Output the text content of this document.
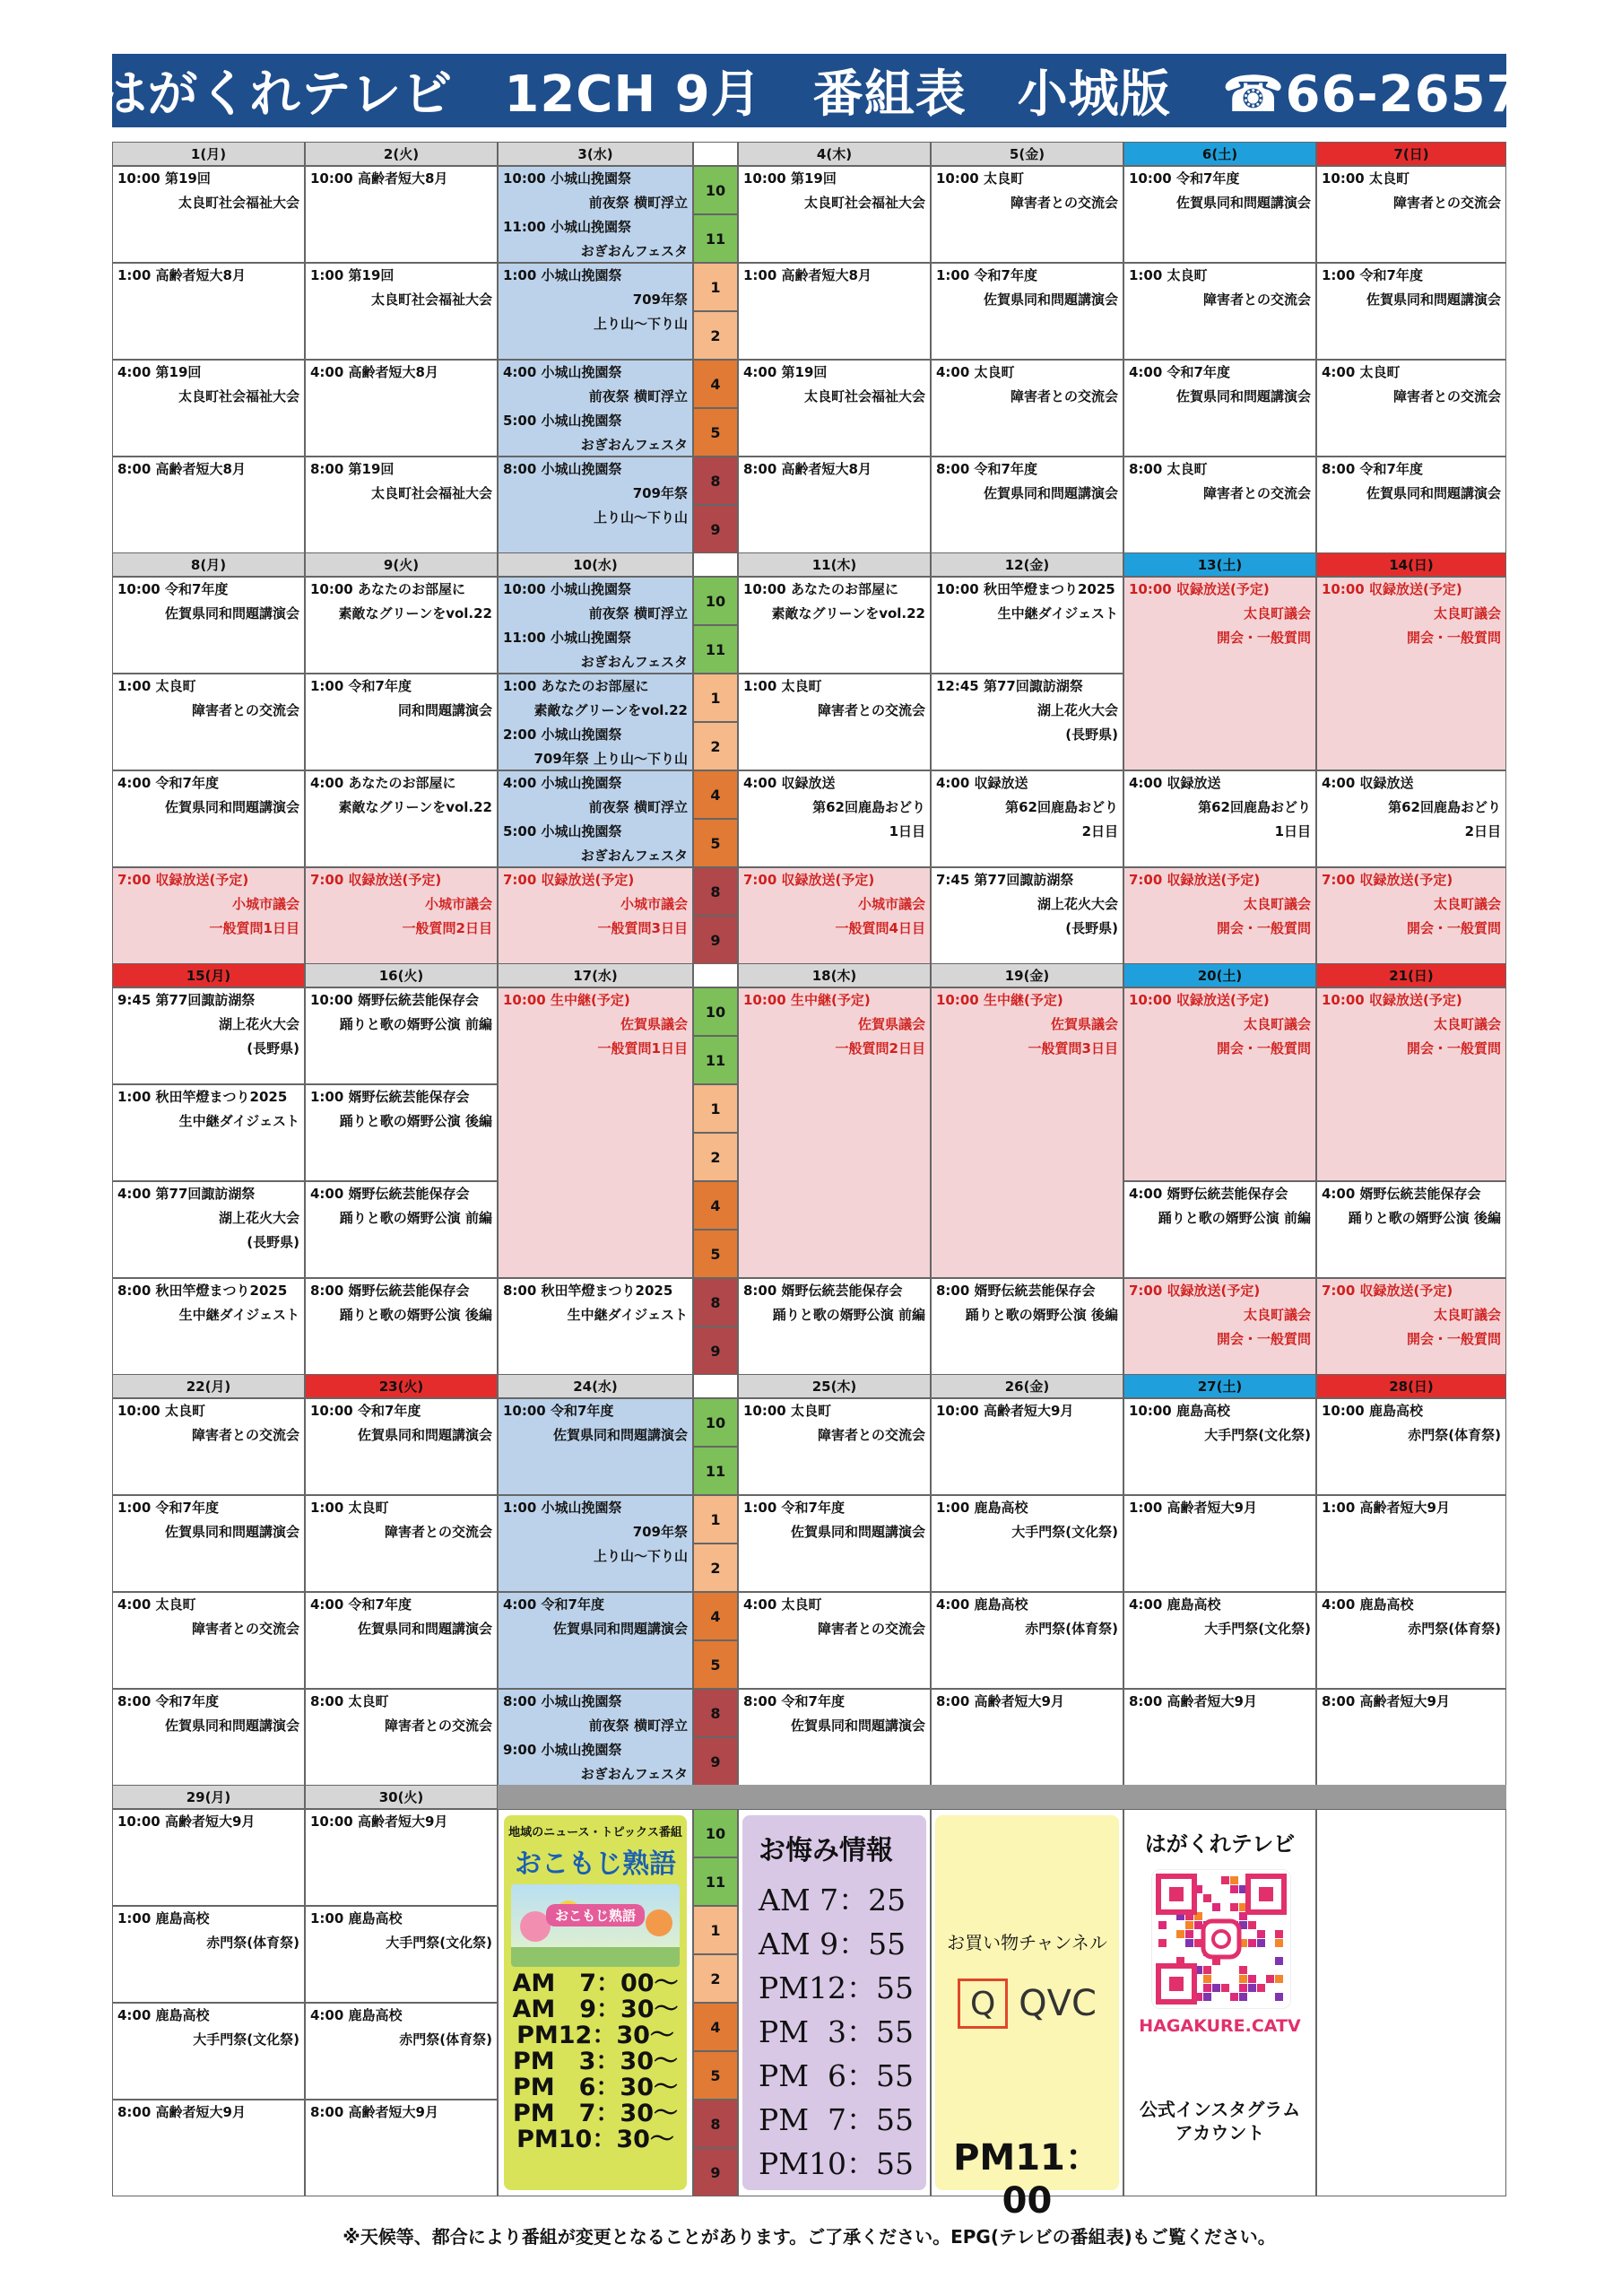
はがくれテレビ　12CH 9月　番組表　小城版　☎66-2657
10
11
1
2
4
5
8
9
1(月)
10:00 第19回
太良町社会福祉大会
1:00 高齢者短大8月
4:00 第19回
太良町社会福祉大会
8:00 高齢者短大8月
2(火)
10:00 高齢者短大8月
1:00 第19回
太良町社会福祉大会
4:00 高齢者短大8月
8:00 第19回
太良町社会福祉大会
3(水)
10:00 小城山挽園祭
前夜祭 横町浮立
11:00 小城山挽園祭
おぎおんフェスタ
1:00 小城山挽園祭
709年祭
上り山～下り山
4:00 小城山挽園祭
前夜祭 横町浮立
5:00 小城山挽園祭
おぎおんフェスタ
8:00 小城山挽園祭
709年祭
上り山～下り山
4(木)
10:00 第19回
太良町社会福祉大会
1:00 高齢者短大8月
4:00 第19回
太良町社会福祉大会
8:00 高齢者短大8月
5(金)
10:00 太良町
障害者との交流会
1:00 令和7年度
佐賀県同和問題講演会
4:00 太良町
障害者との交流会
8:00 令和7年度
佐賀県同和問題講演会
6(土)
10:00 令和7年度
佐賀県同和問題講演会
1:00 太良町
障害者との交流会
4:00 令和7年度
佐賀県同和問題講演会
8:00 太良町
障害者との交流会
7(日)
10:00 太良町
障害者との交流会
1:00 令和7年度
佐賀県同和問題講演会
4:00 太良町
障害者との交流会
8:00 令和7年度
佐賀県同和問題講演会
10
11
1
2
4
5
8
9
8(月)
10:00 令和7年度
佐賀県同和問題講演会
1:00 太良町
障害者との交流会
4:00 令和7年度
佐賀県同和問題講演会
7:00 収録放送(予定)
小城市議会
一般質問1日目
9(火)
10:00 あなたのお部屋に
素敵なグリーンをvol.22
1:00 令和7年度
同和問題講演会
4:00 あなたのお部屋に
素敵なグリーンをvol.22
7:00 収録放送(予定)
小城市議会
一般質問2日目
10(水)
10:00 小城山挽園祭
前夜祭 横町浮立
11:00 小城山挽園祭
おぎおんフェスタ
1:00 あなたのお部屋に
素敵なグリーンをvol.22
2:00 小城山挽園祭
709年祭 上り山～下り山
4:00 小城山挽園祭
前夜祭 横町浮立
5:00 小城山挽園祭
おぎおんフェスタ
7:00 収録放送(予定)
小城市議会
一般質問3日目
11(木)
10:00 あなたのお部屋に
素敵なグリーンをvol.22
1:00 太良町
障害者との交流会
4:00 収録放送
第62回鹿島おどり
1日目
7:00 収録放送(予定)
小城市議会
一般質問4日目
12(金)
10:00 秋田竿燈まつり2025
生中継ダイジェスト
12:45 第77回諏訪湖祭
湖上花火大会
(長野県)
4:00 収録放送
第62回鹿島おどり
2日目
7:45 第77回諏訪湖祭
湖上花火大会
(長野県)
13(土)
10:00 収録放送(予定)
太良町議会
開会・一般質問
4:00 収録放送
第62回鹿島おどり
1日目
7:00 収録放送(予定)
太良町議会
開会・一般質問
14(日)
10:00 収録放送(予定)
太良町議会
開会・一般質問
4:00 収録放送
第62回鹿島おどり
2日目
7:00 収録放送(予定)
太良町議会
開会・一般質問
10
11
1
2
4
5
8
9
15(月)
9:45 第77回諏訪湖祭
湖上花火大会
(長野県)
1:00 秋田竿燈まつり2025
生中継ダイジェスト
4:00 第77回諏訪湖祭
湖上花火大会
(長野県)
8:00 秋田竿燈まつり2025
生中継ダイジェスト
16(火)
10:00 婿野伝統芸能保存会
踊りと歌の婿野公演 前編
1:00 婿野伝統芸能保存会
踊りと歌の婿野公演 後編
4:00 婿野伝統芸能保存会
踊りと歌の婿野公演 前編
8:00 婿野伝統芸能保存会
踊りと歌の婿野公演 後編
17(水)
10:00 生中継(予定)
佐賀県議会
一般質問1日目
8:00 秋田竿燈まつり2025
生中継ダイジェスト
18(木)
10:00 生中継(予定)
佐賀県議会
一般質問2日目
8:00 婿野伝統芸能保存会
踊りと歌の婿野公演 前編
19(金)
10:00 生中継(予定)
佐賀県議会
一般質問3日目
8:00 婿野伝統芸能保存会
踊りと歌の婿野公演 後編
20(土)
10:00 収録放送(予定)
太良町議会
開会・一般質問
4:00 婿野伝統芸能保存会
踊りと歌の婿野公演 前編
7:00 収録放送(予定)
太良町議会
開会・一般質問
21(日)
10:00 収録放送(予定)
太良町議会
開会・一般質問
4:00 婿野伝統芸能保存会
踊りと歌の婿野公演 後編
7:00 収録放送(予定)
太良町議会
開会・一般質問
10
11
1
2
4
5
8
9
22(月)
10:00 太良町
障害者との交流会
1:00 令和7年度
佐賀県同和問題講演会
4:00 太良町
障害者との交流会
8:00 令和7年度
佐賀県同和問題講演会
23(火)
10:00 令和7年度
佐賀県同和問題講演会
1:00 太良町
障害者との交流会
4:00 令和7年度
佐賀県同和問題講演会
8:00 太良町
障害者との交流会
24(水)
10:00 令和7年度
佐賀県同和問題講演会
1:00 小城山挽園祭
709年祭
上り山～下り山
4:00 令和7年度
佐賀県同和問題講演会
8:00 小城山挽園祭
前夜祭 横町浮立
9:00 小城山挽園祭
おぎおんフェスタ
25(木)
10:00 太良町
障害者との交流会
1:00 令和7年度
佐賀県同和問題講演会
4:00 太良町
障害者との交流会
8:00 令和7年度
佐賀県同和問題講演会
26(金)
10:00 高齢者短大9月
1:00 鹿島高校
大手門祭(文化祭)
4:00 鹿島高校
赤門祭(体育祭)
8:00 高齢者短大9月
27(土)
10:00 鹿島高校
大手門祭(文化祭)
1:00 高齢者短大9月
4:00 鹿島高校
大手門祭(文化祭)
8:00 高齢者短大9月
28(日)
10:00 鹿島高校
赤門祭(体育祭)
1:00 高齢者短大9月
4:00 鹿島高校
赤門祭(体育祭)
8:00 高齢者短大9月
10
11
1
2
4
5
8
9
29(月)
10:00 高齢者短大9月
1:00 鹿島高校
赤門祭(体育祭)
4:00 鹿島高校
大手門祭(文化祭)
8:00 高齢者短大9月
30(火)
10:00 高齢者短大9月
1:00 鹿島高校
大手門祭(文化祭)
4:00 鹿島高校
赤門祭(体育祭)
8:00 高齢者短大9月
地域のニュース・トピックス番組
おこもじ熟語
おこもじ熟語
AM　7：00～
AM　9：30～
PM12：30～
PM　3：30～
PM　6：30～
PM　7：30～
PM10：30～
お悔み情報
AM 7：25
AM 9：55
PM12：55
PM  3：55
PM  6：55
PM  7：55
PM10：55
お買い物チャンネル
Q QVC
PM11：00
はがくれテレビ
HAGAKURE.CATV
公式インスタグラム
アカウント
※天候等、都合により番組が変更となることがあります。ご了承ください。EPG(テレビの番組表)もご覧ください。
